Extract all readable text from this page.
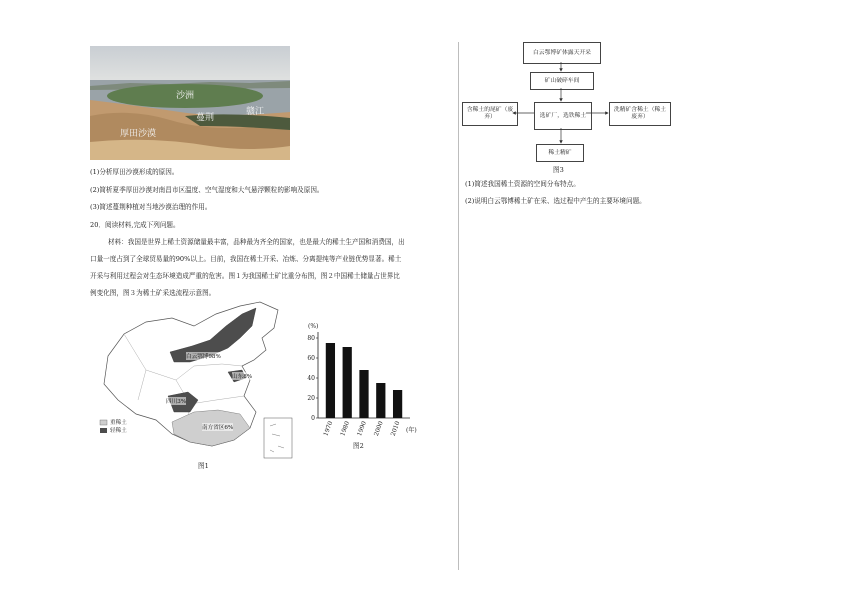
沙洲
赣江
蔓荆
厚田沙漠
(1)分析厚田沙漠形成的原因。
(2)简析夏季厚田沙漠对南昌市区温度、空气湿度和大气悬浮颗粒的影响及原因。
(3)简述蔓荆种植对当地沙漠治理的作用。
20．阅读材料,完成下列问题。
材料：我国是世界上稀土资源储量最丰富，品种最为齐全的国家，也是最大的稀土生产国和消费国，出
口量一度占到了全球贸易量的90%以上。目前，我国在稀土开采、冶炼、分离提纯等产业链优势显著。稀土
开采与利用过程会对生态环境造成严重的危害。图１为我国稀土矿比重分布图，图２中国稀土储量占世界比
例变化图，图３为稀土矿采选流程示意图。
白云鄂博98%
山东8%
四川3%
南方省区6%
重稀土
轻稀土
图1
0
20
40
60
80
(%)
1970 1980 1990 2000 2010 (年)
图2
白云鄂博矿体露天开采
矿山破碎车间
选矿厂，选铁稀土
含稀土的尾矿（废弃）
洗精矿含稀土（稀土废弃）
稀土精矿
图3
(1)简述我国稀土资源的空间分布特点。
(2)说明白云鄂博稀土矿在采、选过程中产生的主要环境问题。
